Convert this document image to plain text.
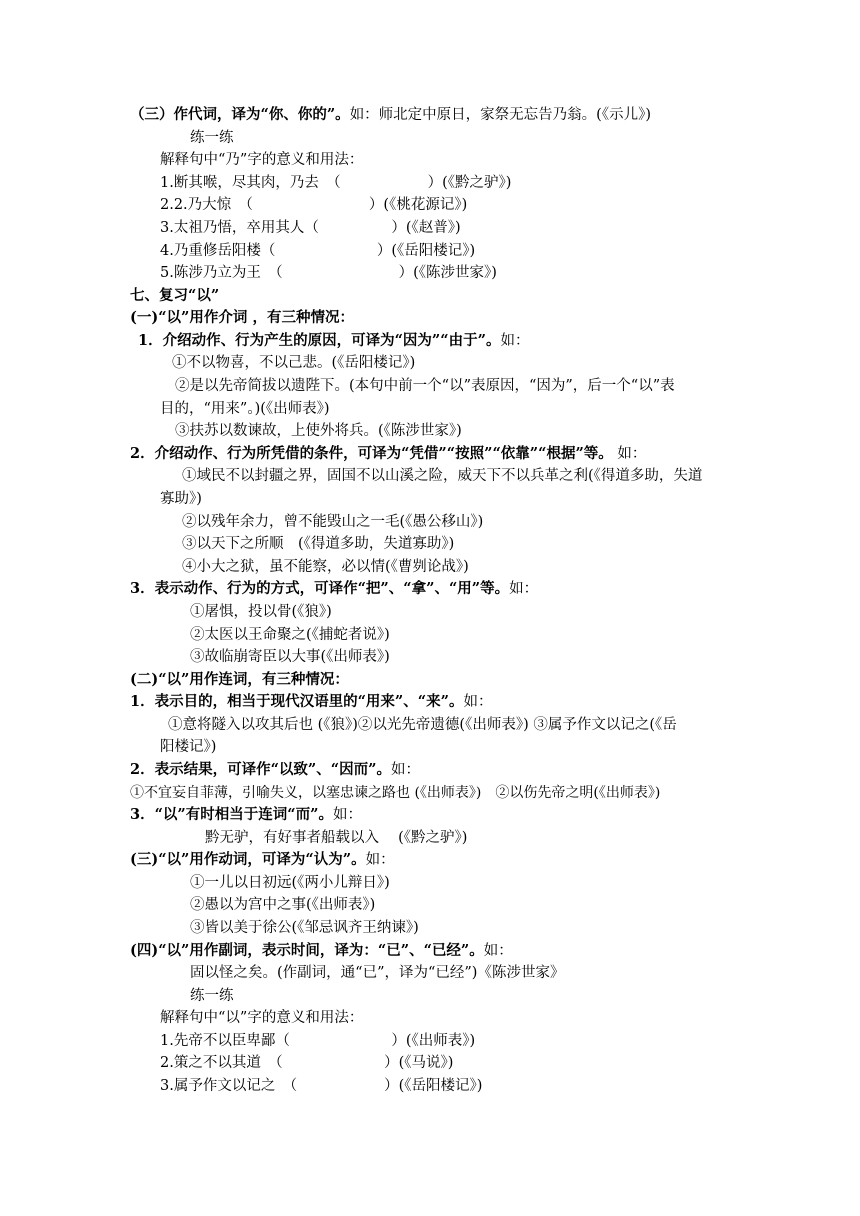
（三）作代词，译为“你、你的”。如：师北定中原日，家祭无忘告乃翁。(《示儿》)
练一练
解释句中“乃”字的意义和用法：
1.断其喉，尽其肉，乃去　（　　　　　　）(《黔之驴》)
2.2.乃大惊　（　　　　　　　　）(《桃花源记》)
3.太祖乃悟，卒用其人（　　　　　）(《赵普》)
4.乃重修岳阳楼（　　　　　　　）(《岳阳楼记》)
5.陈涉乃立为王　（　　　　　　　　）(《陈涉世家》)
七、复习“以”
(一)“以”用作介词 ，有三种情况：
1．介绍动作、行为产生的原因，可译为“因为”“由于”。如：
①不以物喜，不以己悲。(《岳阳楼记》)
②是以先帝简拔以遗陛下。(本句中前一个“以”表原因，“因为”，后一个“以”表
目的，“用来”。)(《出师表》)
③扶苏以数谏故，上使外将兵。(《陈涉世家》)
2．介绍动作、行为所凭借的条件，可译为“凭借”“按照”“依靠”“根据”等。 如：
①域民不以封疆之界，固国不以山溪之险，威天下不以兵革之利(《得道多助，失道
寡助》)
②以残年余力，曾不能毁山之一毛(《愚公移山》)
③以天下之所顺　(《得道多助，失道寡助》)
④小大之狱，虽不能察，必以情(《曹刿论战》)
3．表示动作、行为的方式，可译作“把”、“拿”、“用”等。如：
①屠惧，投以骨(《狼》)
②太医以王命聚之(《捕蛇者说》)
③故临崩寄臣以大事(《出师表》)
(二)“以”用作连词，有三种情况：
1．表示目的，相当于现代汉语里的“用来”、“来”。如：
①意将隧入以攻其后也 (《狼》)②以光先帝遗德(《出师表》) ③属予作文以记之(《岳
阳楼记》)
2．表示结果，可译作“以致”、“因而”。如：
①不宜妄自菲薄，引喻失义，以塞忠谏之路也 (《出师表》)　②以伤先帝之明(《出师表》)
3．“以”有时相当于连词“而”。如：
黔无驴，有好事者船载以入　 (《黔之驴》)
(三)“以”用作动词，可译为“认为”。如：
①一儿以日初远(《两小儿辩日》)
②愚以为宫中之事(《出师表》)
③皆以美于徐公(《邹忌讽齐王纳谏》)
(四)“以”用作副词，表示时间，译为：“已”、“已经”。如：
固以怪之矣。(作副词，通“已”，译为“已经”)《陈涉世家》
练一练
解释句中“以”字的意义和用法：
1.先帝不以臣卑鄙（　　　　　　　）(《出师表》)
2.策之不以其道　（　　　　　　　）(《马说》)
3.属予作文以记之　（　　　　　　）(《岳阳楼记》)
